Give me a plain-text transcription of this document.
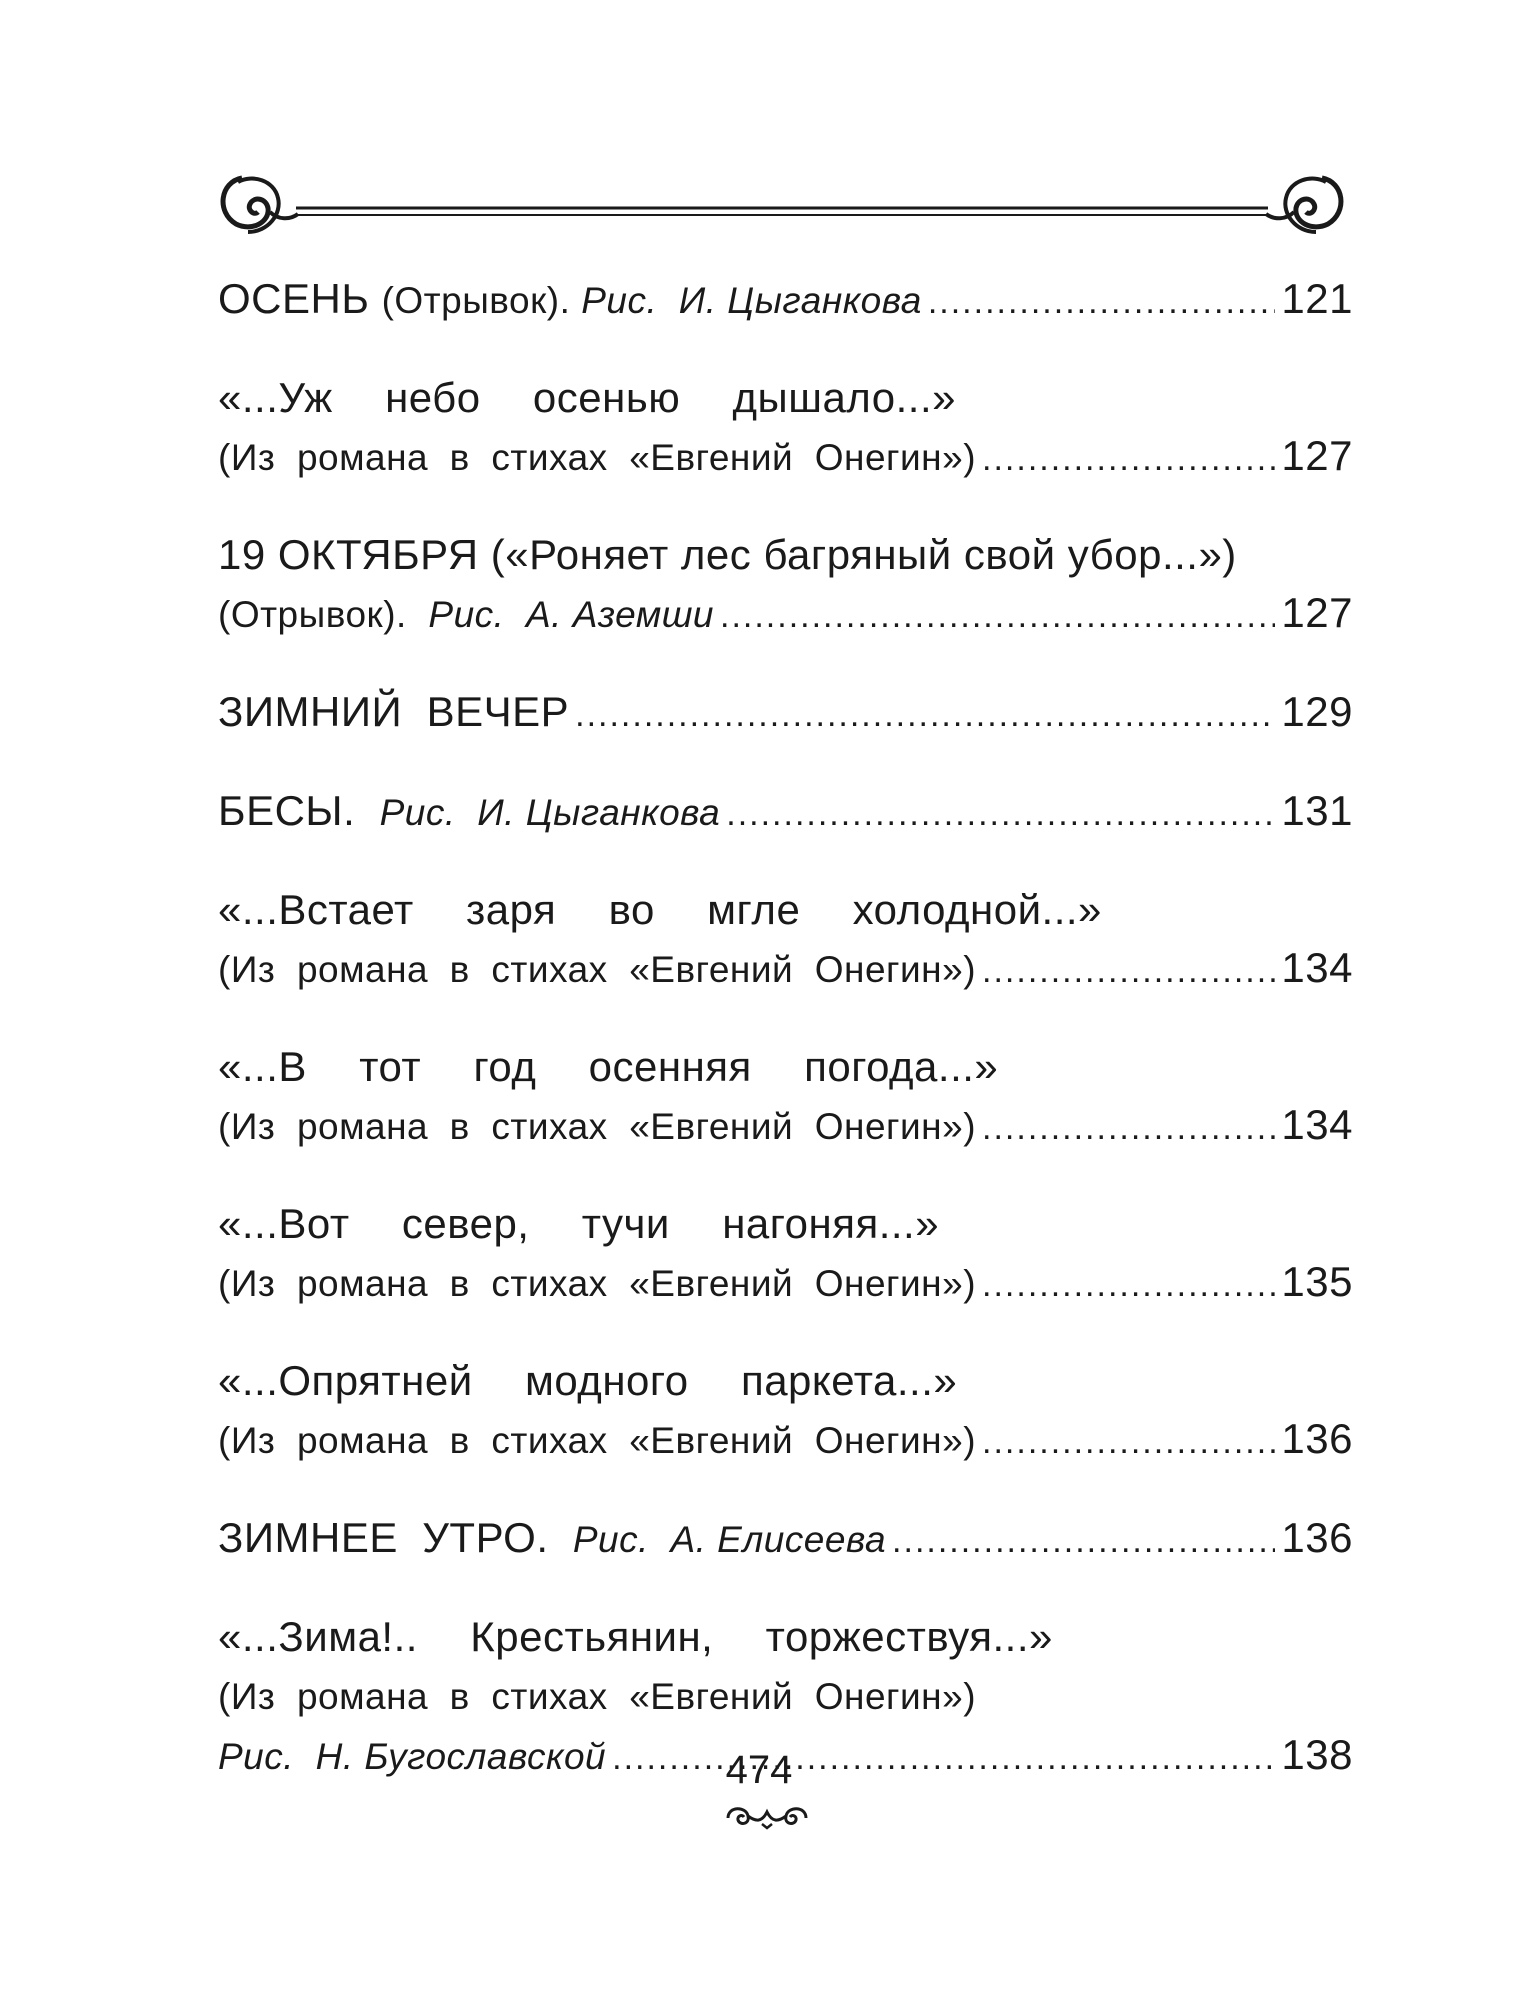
ОСЕНЬ (Отрывок). Рис.  И. Цыганкова .....	121
«...Уж  небо  осенью  дышало...»
(Из  романа  в  стихах  «Евгений  Онегин») .....	127
19 ОКТЯБРЯ («Роняет лес багряный свой убор...»)
(Отрывок).  Рис.  А. Аземши .....	127
ЗИМНИЙ  ВЕЧЕР .....	129
БЕСЫ.  Рис.  И. Цыганкова .....	131
«...Встает  заря  во  мгле  холодной...»
(Из  романа  в  стихах  «Евгений  Онегин») .....	134
«...В  тот  год  осенняя  погода...»
(Из  романа  в  стихах  «Евгений  Онегин») .....	134
«...Вот  север,  тучи  нагоняя...»
(Из  романа  в  стихах  «Евгений  Онегин») .....	135
«...Опрятней  модного  паркета...»
(Из  романа  в  стихах  «Евгений  Онегин») .....	136
ЗИМНЕЕ  УТРО.  Рис.  А. Елисеева .....	136
«...Зима!..  Крестьянин,  торжествуя...»
(Из  романа  в  стихах  «Евгений  Онегин»)
Рис.  Н. Бугославской .....	138
474
